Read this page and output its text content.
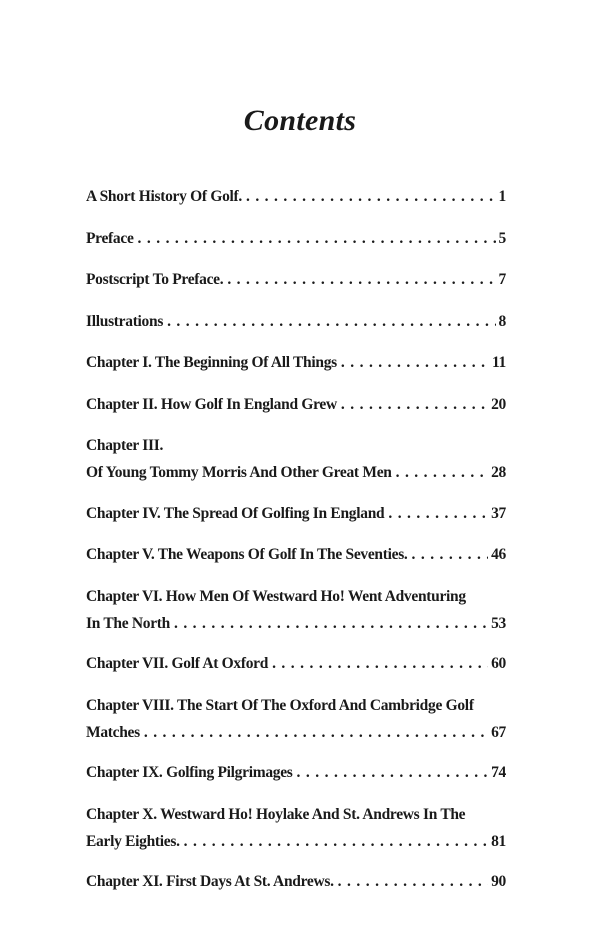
Contents
A Short History Of Golf. . . .	1
Preface . . .	5
Postscript To Preface. . . .	7
Illustrations . . .	8
Chapter I. The Beginning Of All Things . . .	11
Chapter II. How Golf In England Grew . . .	20
Chapter III.
Of Young Tommy Morris And Other Great Men . . .	28
Chapter IV. The Spread Of Golfing In England . . .	37
Chapter V. The Weapons Of Golf In The Seventies. . . .	46
Chapter VI. How Men Of Westward Ho! Went Adventuring
In The North . . .	53
Chapter VII. Golf At Oxford . . .	60
Chapter VIII. The Start Of The Oxford And Cambridge Golf
Matches . . .	67
Chapter IX. Golfing Pilgrimages . . .	74
Chapter X. Westward Ho! Hoylake And St. Andrews In The
Early Eighties. . . .	81
Chapter XI. First Days At St. Andrews. . . .	90
